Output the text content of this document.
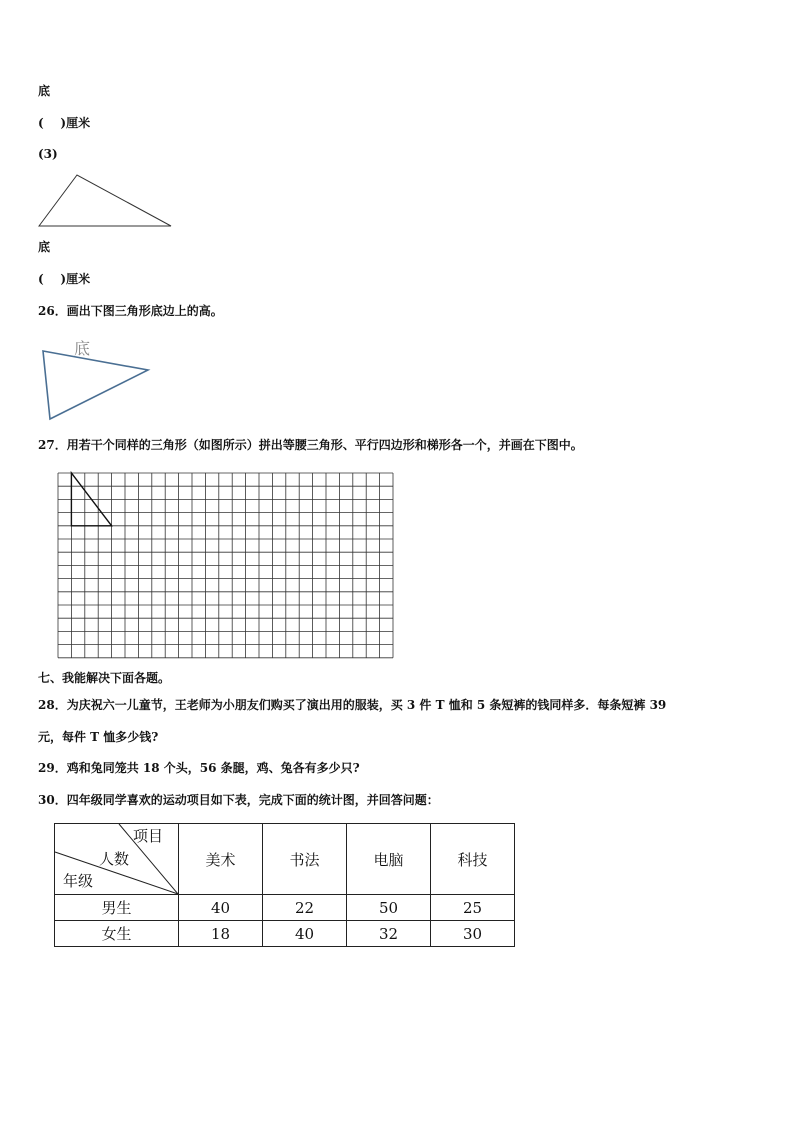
底
(    )厘米
(3)
底
(    )厘米
26．画出下图三角形底边上的高。
底
27．用若干个同样的三角形（如图所示）拼出等腰三角形、平行四边形和梯形各一个，并画在下图中。
七、我能解决下面各题。
28．为庆祝六一儿童节，王老师为小朋友们购买了演出用的服装，买 3 件 T 恤和 5 条短裤的钱同样多．每条短裤 39
元，每件 T 恤多少钱?
29．鸡和兔同笼共 18 个头，56 条腿，鸡、兔各有多少只?
30．四年级同学喜欢的运动项目如下表，完成下面的统计图，并回答问题：
项目
人数
年级	美术	书法	电脑	科技
男生	40	22	50	25
女生	18	40	32	30
